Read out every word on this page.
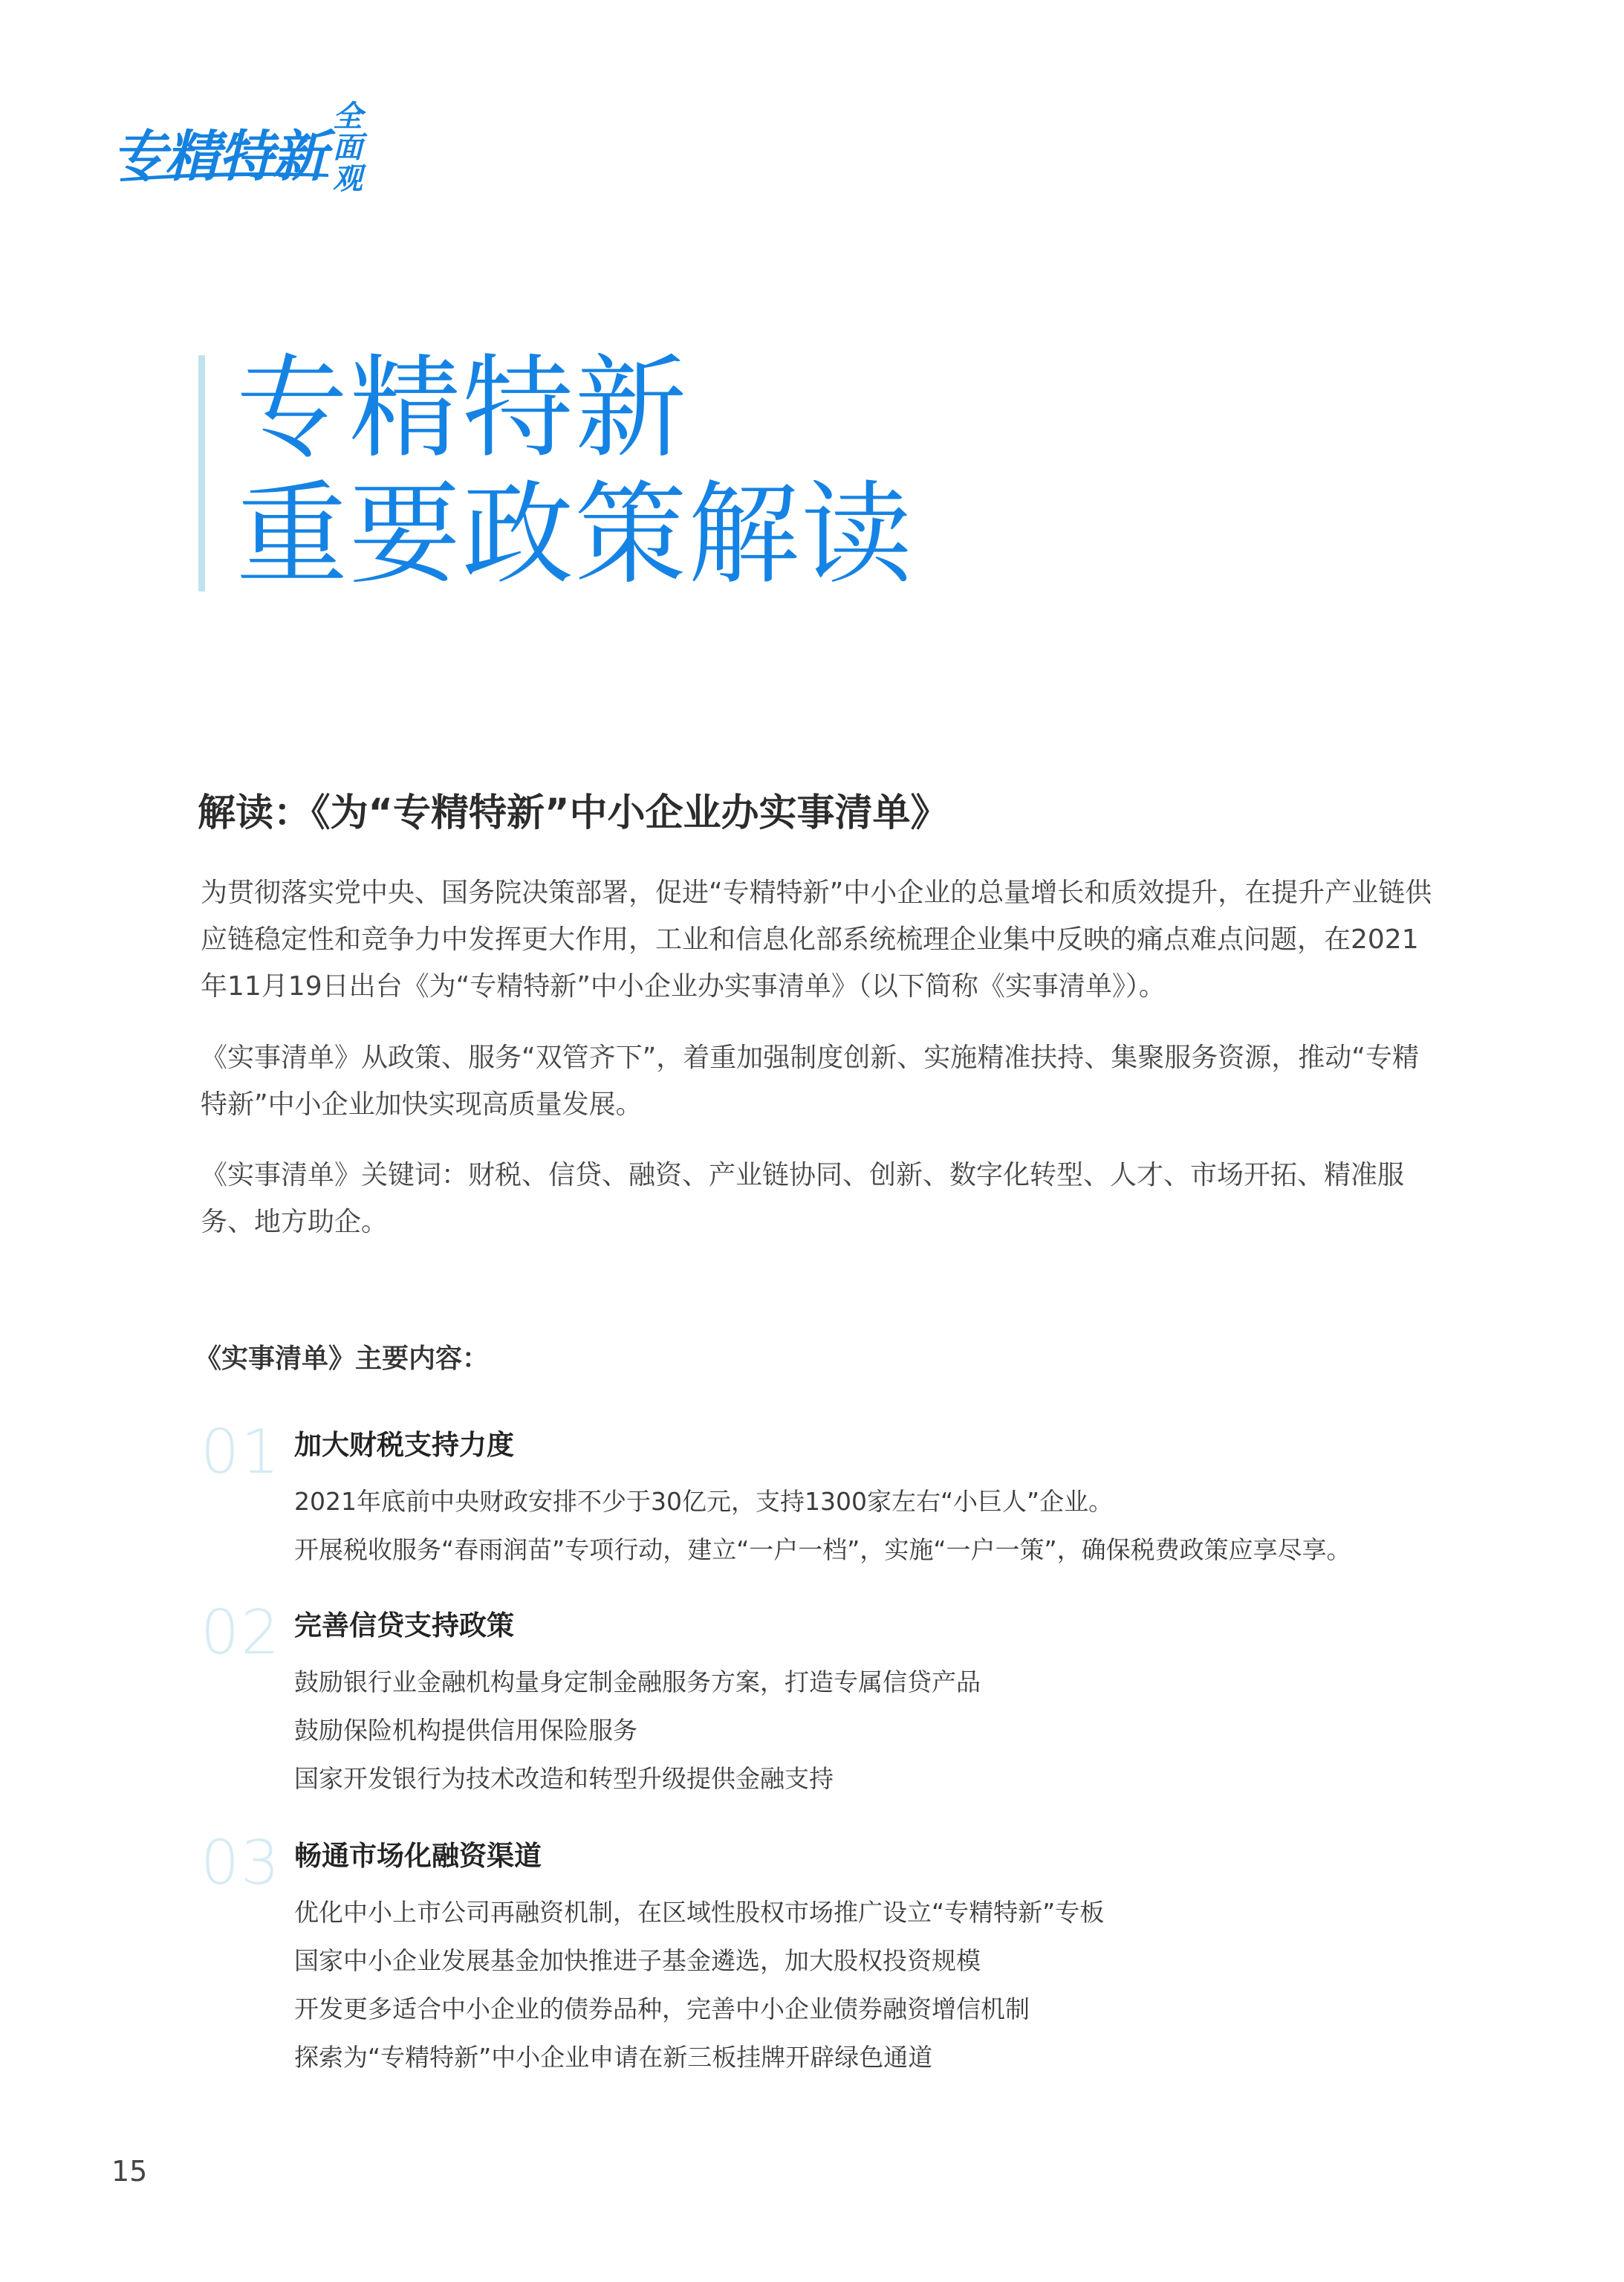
专精特新
全面观
专精特新
重要政策解读
解读：《为“专精特新”中小企业办实事清单》

为贯彻落实党中央、国务院决策部署，促进“专精特新”中小企业的总量增长和质效提升，在提升产业链供应链稳定性和竞争力中发挥更大作用，工业和信息化部系统梳理企业集中反映的痛点难点问题，在2021年11月19日出台《为“专精特新”中小企业办实事清单》（以下简称《实事清单》）。

《实事清单》从政策、服务“双管齐下”，着重加强制度创新、实施精准扶持、集聚服务资源，推动“专精特新”中小企业加快实现高质量发展。

《实事清单》关键词：财税、信贷、融资、产业链协同、创新、数字化转型、人才、市场开拓、精准服务、地方助企。

《实事清单》主要内容：
01 加大财税支持力度
2021年底前中央财政安排不少于30亿元，支持1300家左右“小巨人”企业。
开展税收服务“春雨润苗”专项行动，建立“一户一档”，实施“一户一策”，确保税费政策应享尽享。
02 完善信贷支持政策
鼓励银行业金融机构量身定制金融服务方案，打造专属信贷产品
鼓励保险机构提供信用保险服务
国家开发银行为技术改造和转型升级提供金融支持
03 畅通市场化融资渠道
优化中小上市公司再融资机制，在区域性股权市场推广设立“专精特新”专板
国家中小企业发展基金加快推进子基金遴选，加大股权投资规模
开发更多适合中小企业的债券品种，完善中小企业债券融资增信机制
探索为“专精特新”中小企业申请在新三板挂牌开辟绿色通道
15
